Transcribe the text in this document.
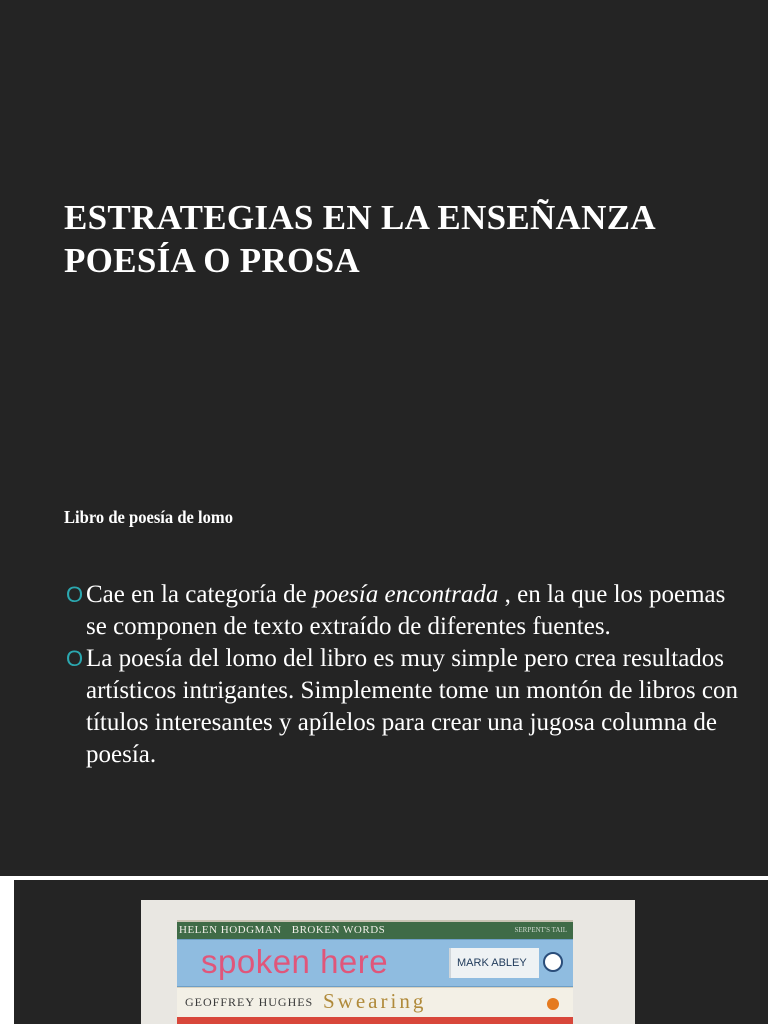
ESTRATEGIAS EN LA ENSEÑANZA
POESÍA O PROSA
Libro de poesía de lomo
O Cae en la categoría de poesía encontrada , en la que los poemas se componen de texto extraído de diferentes fuentes.
O La poesía del lomo del libro es muy simple pero crea resultados artísticos intrigantes. Simplemente tome un montón de libros con títulos interesantes y apílelos para crear una jugosa columna de poesía.
HELEN HODGMAN BROKEN WORDS	SERPENT'S TAIL
spoken here	MARK ABLEY
GEOFFREY HUGHES Swearing
